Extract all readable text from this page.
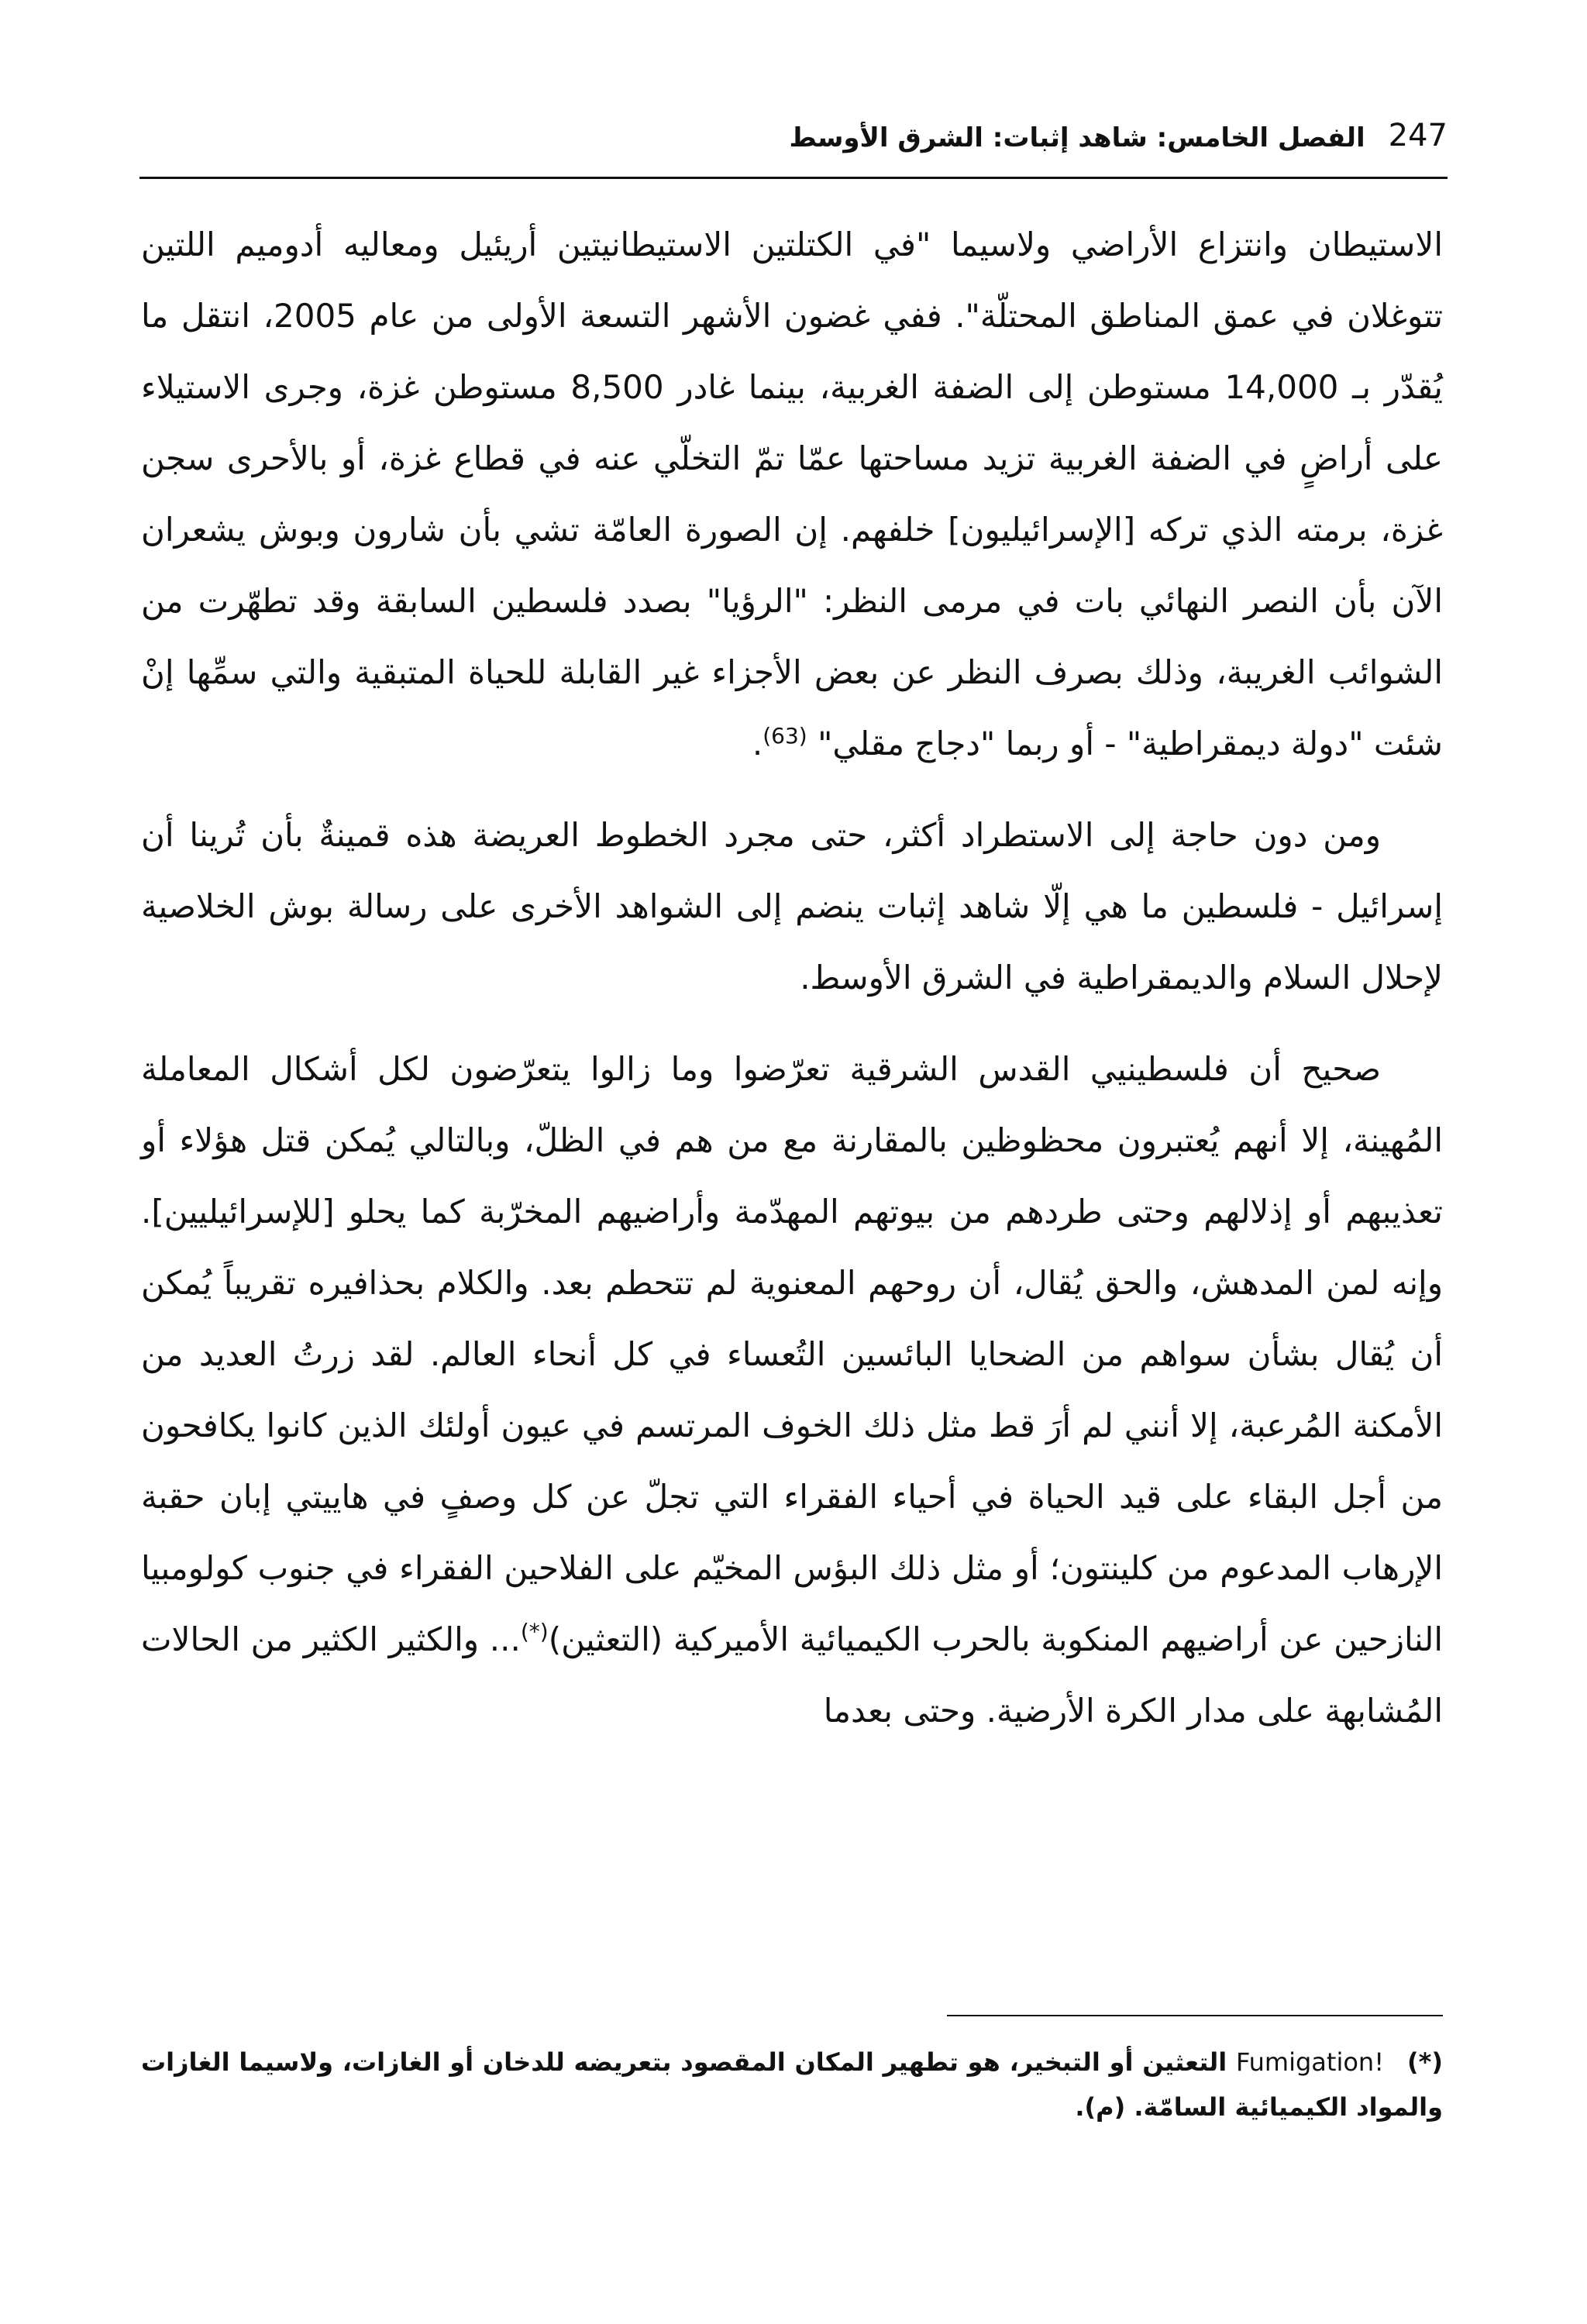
الفصل الخامس: شاهد إثبات: الشرق الأوسط 247

الاستيطان وانتزاع الأراضي ولاسيما "في الكتلتين الاستيطانيتين أريئيل ومعاليه أدوميم اللتين تتوغلان في عمق المناطق المحتلّة". ففي غضون الأشهر التسعة الأولى من عام 2005، انتقل ما يُقدّر بـ 14,000 مستوطن إلى الضفة الغربية، بينما غادر 8,500 مستوطن غزة، وجرى الاستيلاء على أراضٍ في الضفة الغربية تزيد مساحتها عمّا تمّ التخلّي عنه في قطاع غزة، أو بالأحرى سجن غزة، برمته الذي تركه [الإسرائيليون] خلفهم. إن الصورة العامّة تشي بأن شارون وبوش يشعران الآن بأن النصر النهائي بات في مرمى النظر: "الرؤيا" بصدد فلسطين السابقة وقد تطهّرت من الشوائب الغريبة، وذلك بصرف النظر عن بعض الأجزاء غير القابلة للحياة المتبقية والتي سمِّها إنْ شئت "دولة ديمقراطية" - أو ربما "دجاج مقلي" $^{(63)}$.

ومن دون حاجة إلى الاستطراد أكثر، حتى مجرد الخطوط العريضة هذه قمينةٌ بأن تُرينا أن إسرائيل - فلسطين ما هي إلّا شاهد إثبات ينضم إلى الشواهد الأخرى على رسالة بوش الخلاصية لإحلال السلام والديمقراطية في الشرق الأوسط.

صحيح أن فلسطينيي القدس الشرقية تعرّضوا وما زالوا يتعرّضون لكل أشكال المعاملة المُهينة، إلا أنهم يُعتبرون محظوظين بالمقارنة مع من هم في الظلّ، وبالتالي يُمكن قتل هؤلاء أو تعذيبهم أو إذلالهم وحتى طردهم من بيوتهم المهدّمة وأراضيهم المخرّبة كما يحلو [للإسرائيليين]. وإنه لمن المدهش، والحق يُقال، أن روحهم المعنوية لم تتحطم بعد. والكلام بحذافيره تقريباً يُمكن أن يُقال بشأن سواهم من الضحايا البائسين التُعساء في كل أنحاء العالم. لقد زرتُ العديد من الأمكنة المُرعبة، إلا أنني لم أرَ قط مثل ذلك الخوف المرتسم في عيون أولئك الذين كانوا يكافحون من أجل البقاء على قيد الحياة في أحياء الفقراء التي تجلّ عن كل وصفٍ في هاييتي إبان حقبة الإرهاب المدعوم من كلينتون؛ أو مثل ذلك البؤس المخيّم على الفلاحين الفقراء في جنوب كولومبيا النازحين عن أراضيهم المنكوبة بالحرب الكيميائية الأميركية (التعثين)(*)... والكثير الكثير من الحالات المُشابهة على مدار الكرة الأرضية. وحتى بعدما

(*)Fumigation! التعثين أو التبخير، هو تطهير المكان المقصود بتعريضه للدخان أو الغازات، ولاسيما الغازات والمواد الكيميائية السامّة. (م).
